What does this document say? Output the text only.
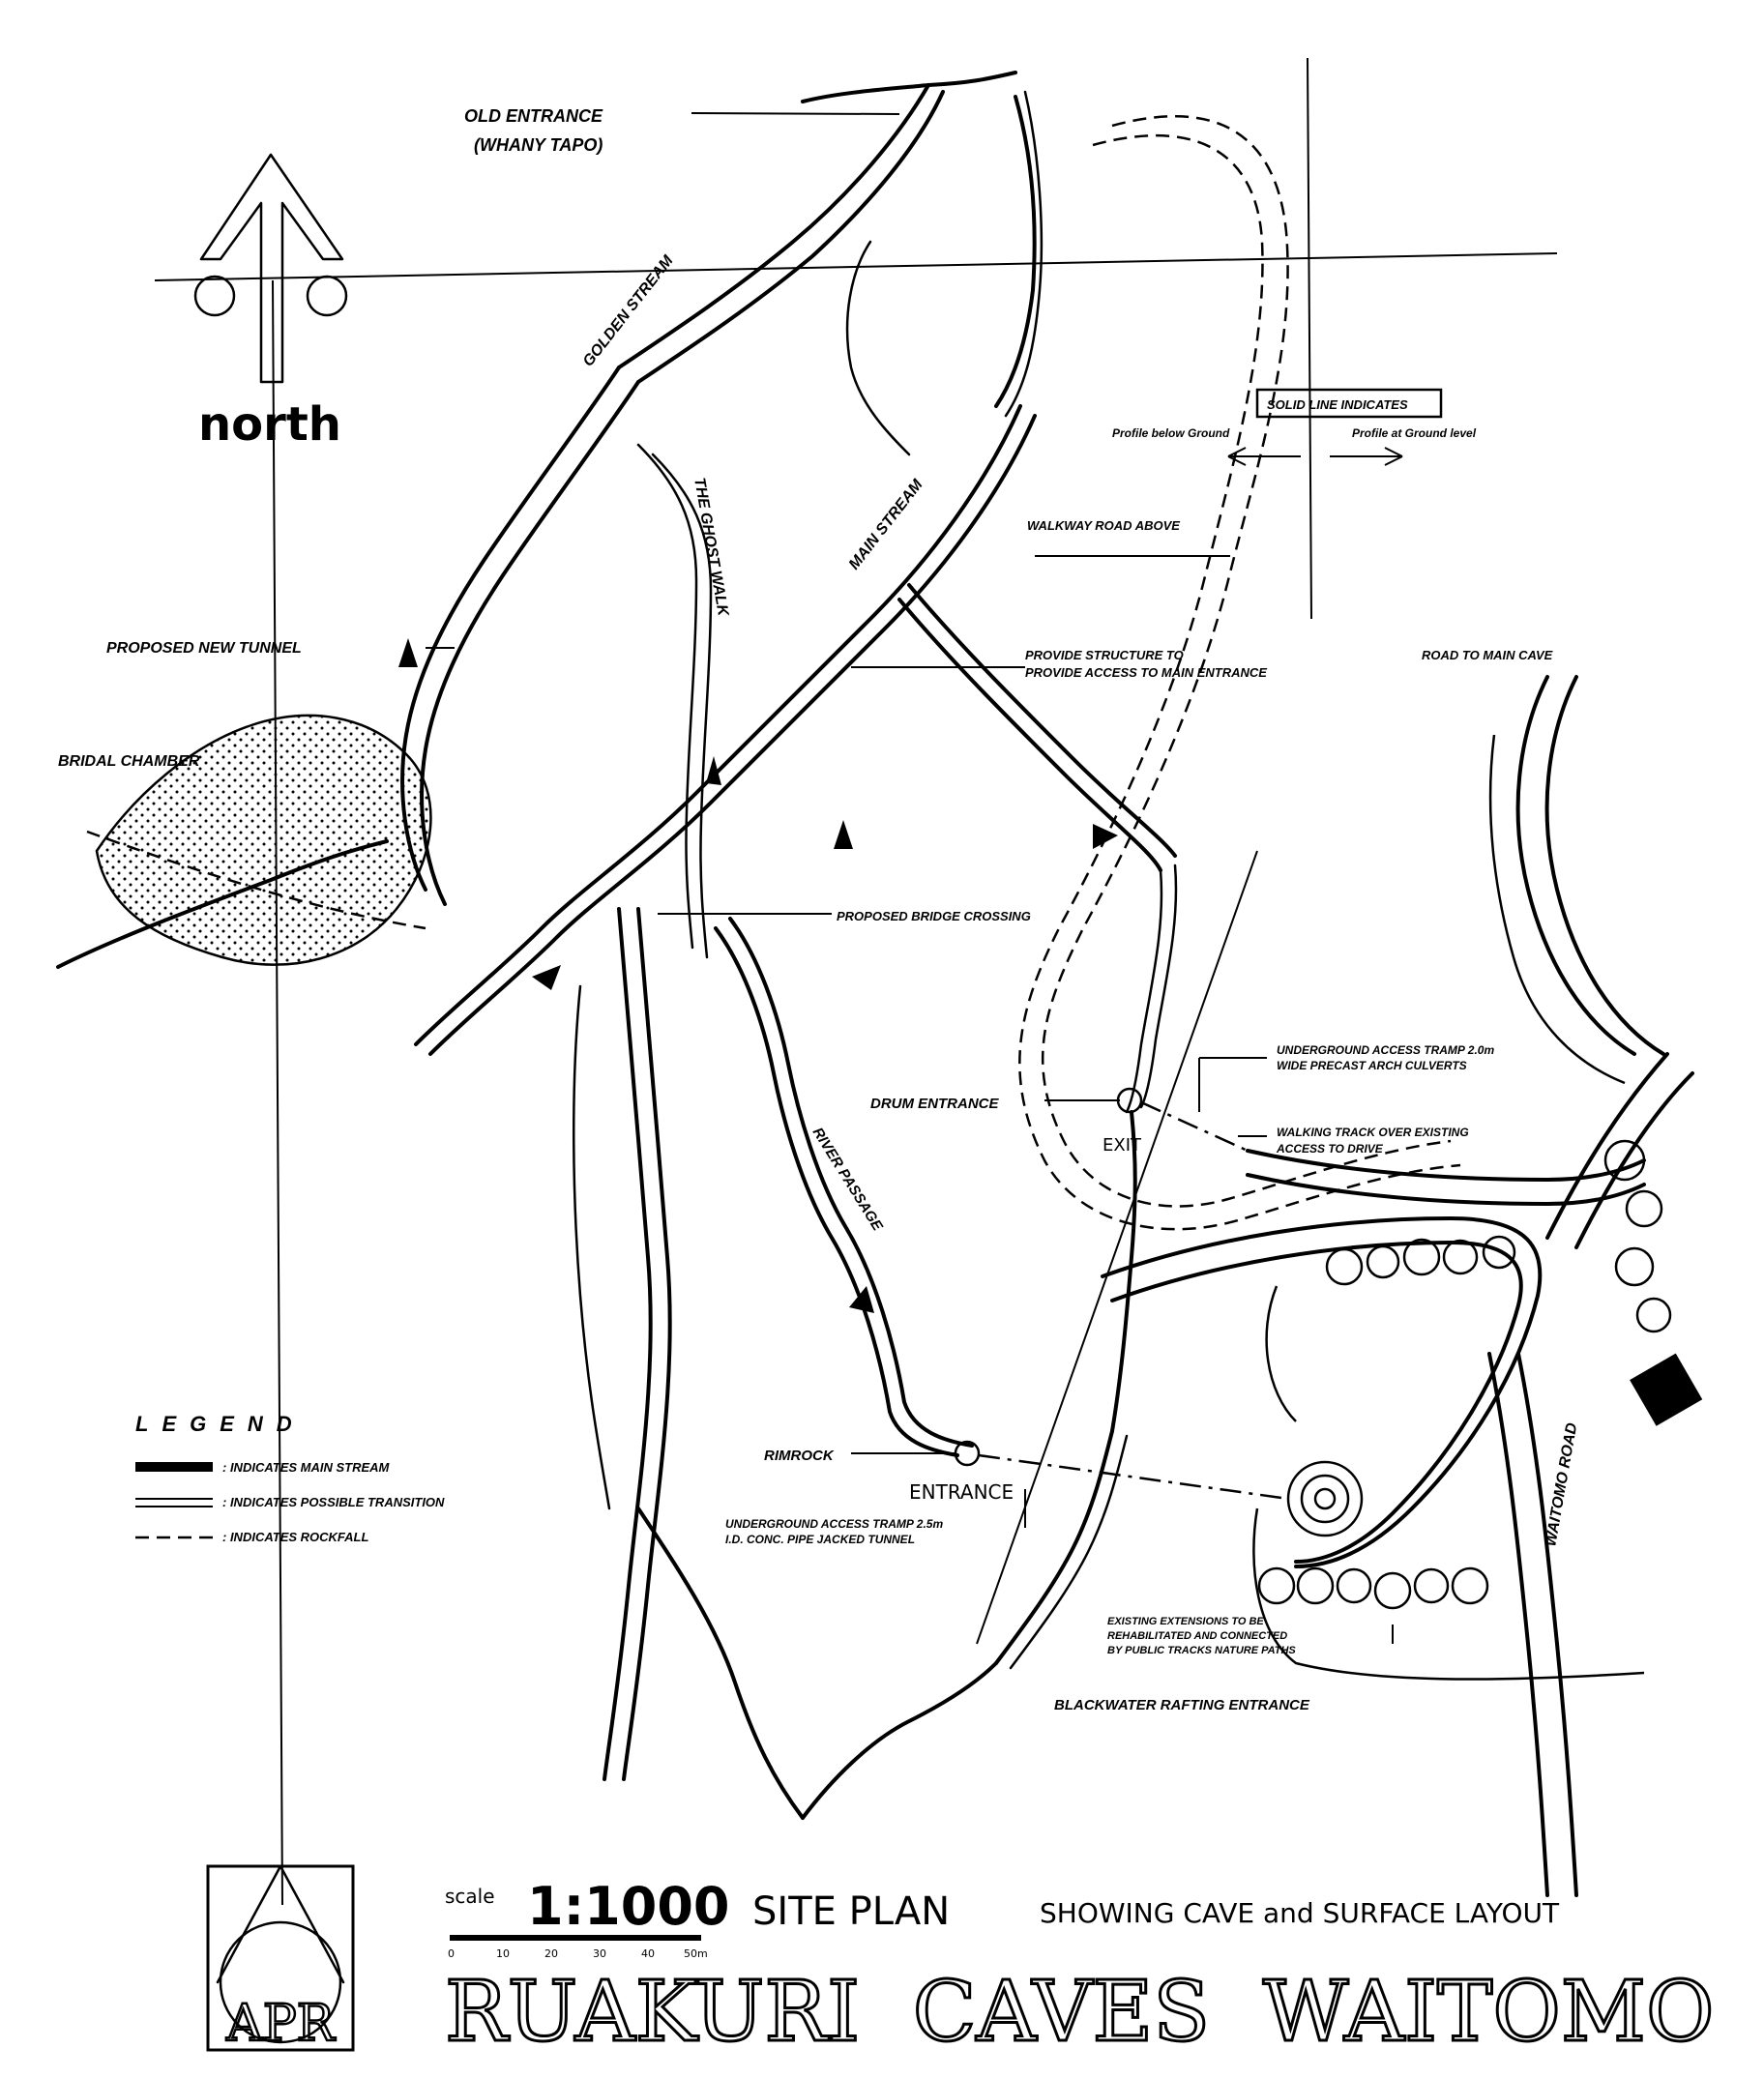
north
OLD ENTRANCE
(WHANY TAPO)
GOLDEN STREAM
THE GHOST WALK	MAIN STREAM
PROPOSED NEW TUNNEL
BRIDAL CHAMBER
PROVIDE STRUCTURE TO
PROVIDE ACCESS TO MAIN ENTRANCE
PROPOSED BRIDGE CROSSING
WALKWAY ROAD ABOVE
ROAD TO MAIN CAVE
DRUM ENTRANCE
EXIT
UNDERGROUND ACCESS TRAMP 2.0m
WIDE PRECAST ARCH CULVERTS
WALKING TRACK OVER EXISTING
ACCESS TO DRIVE
RIVER PASSAGE
RIMROCK
ENTRANCE
UNDERGROUND ACCESS TRAMP 2.5m
I.D. CONC. PIPE JACKED TUNNEL
EXISTING EXTENSIONS TO BE
REHABILITATED AND CONNECTED
BY PUBLIC TRACKS NATURE PATHS
BLACKWATER RAFTING ENTRANCE
WAITOMO ROAD
SOLID LINE INDICATES
Profile below Ground	Profile at Ground level
LEGEND
: INDICATES MAIN STREAM
: INDICATES POSSIBLE TRANSITION
: INDICATES ROCKFALL
APR
scale 1:1000
0	10	20	30	40	50m
SITE PLAN	SHOWING CAVE and SURFACE LAYOUT
RUAKURI  CAVES  WAITOMO
